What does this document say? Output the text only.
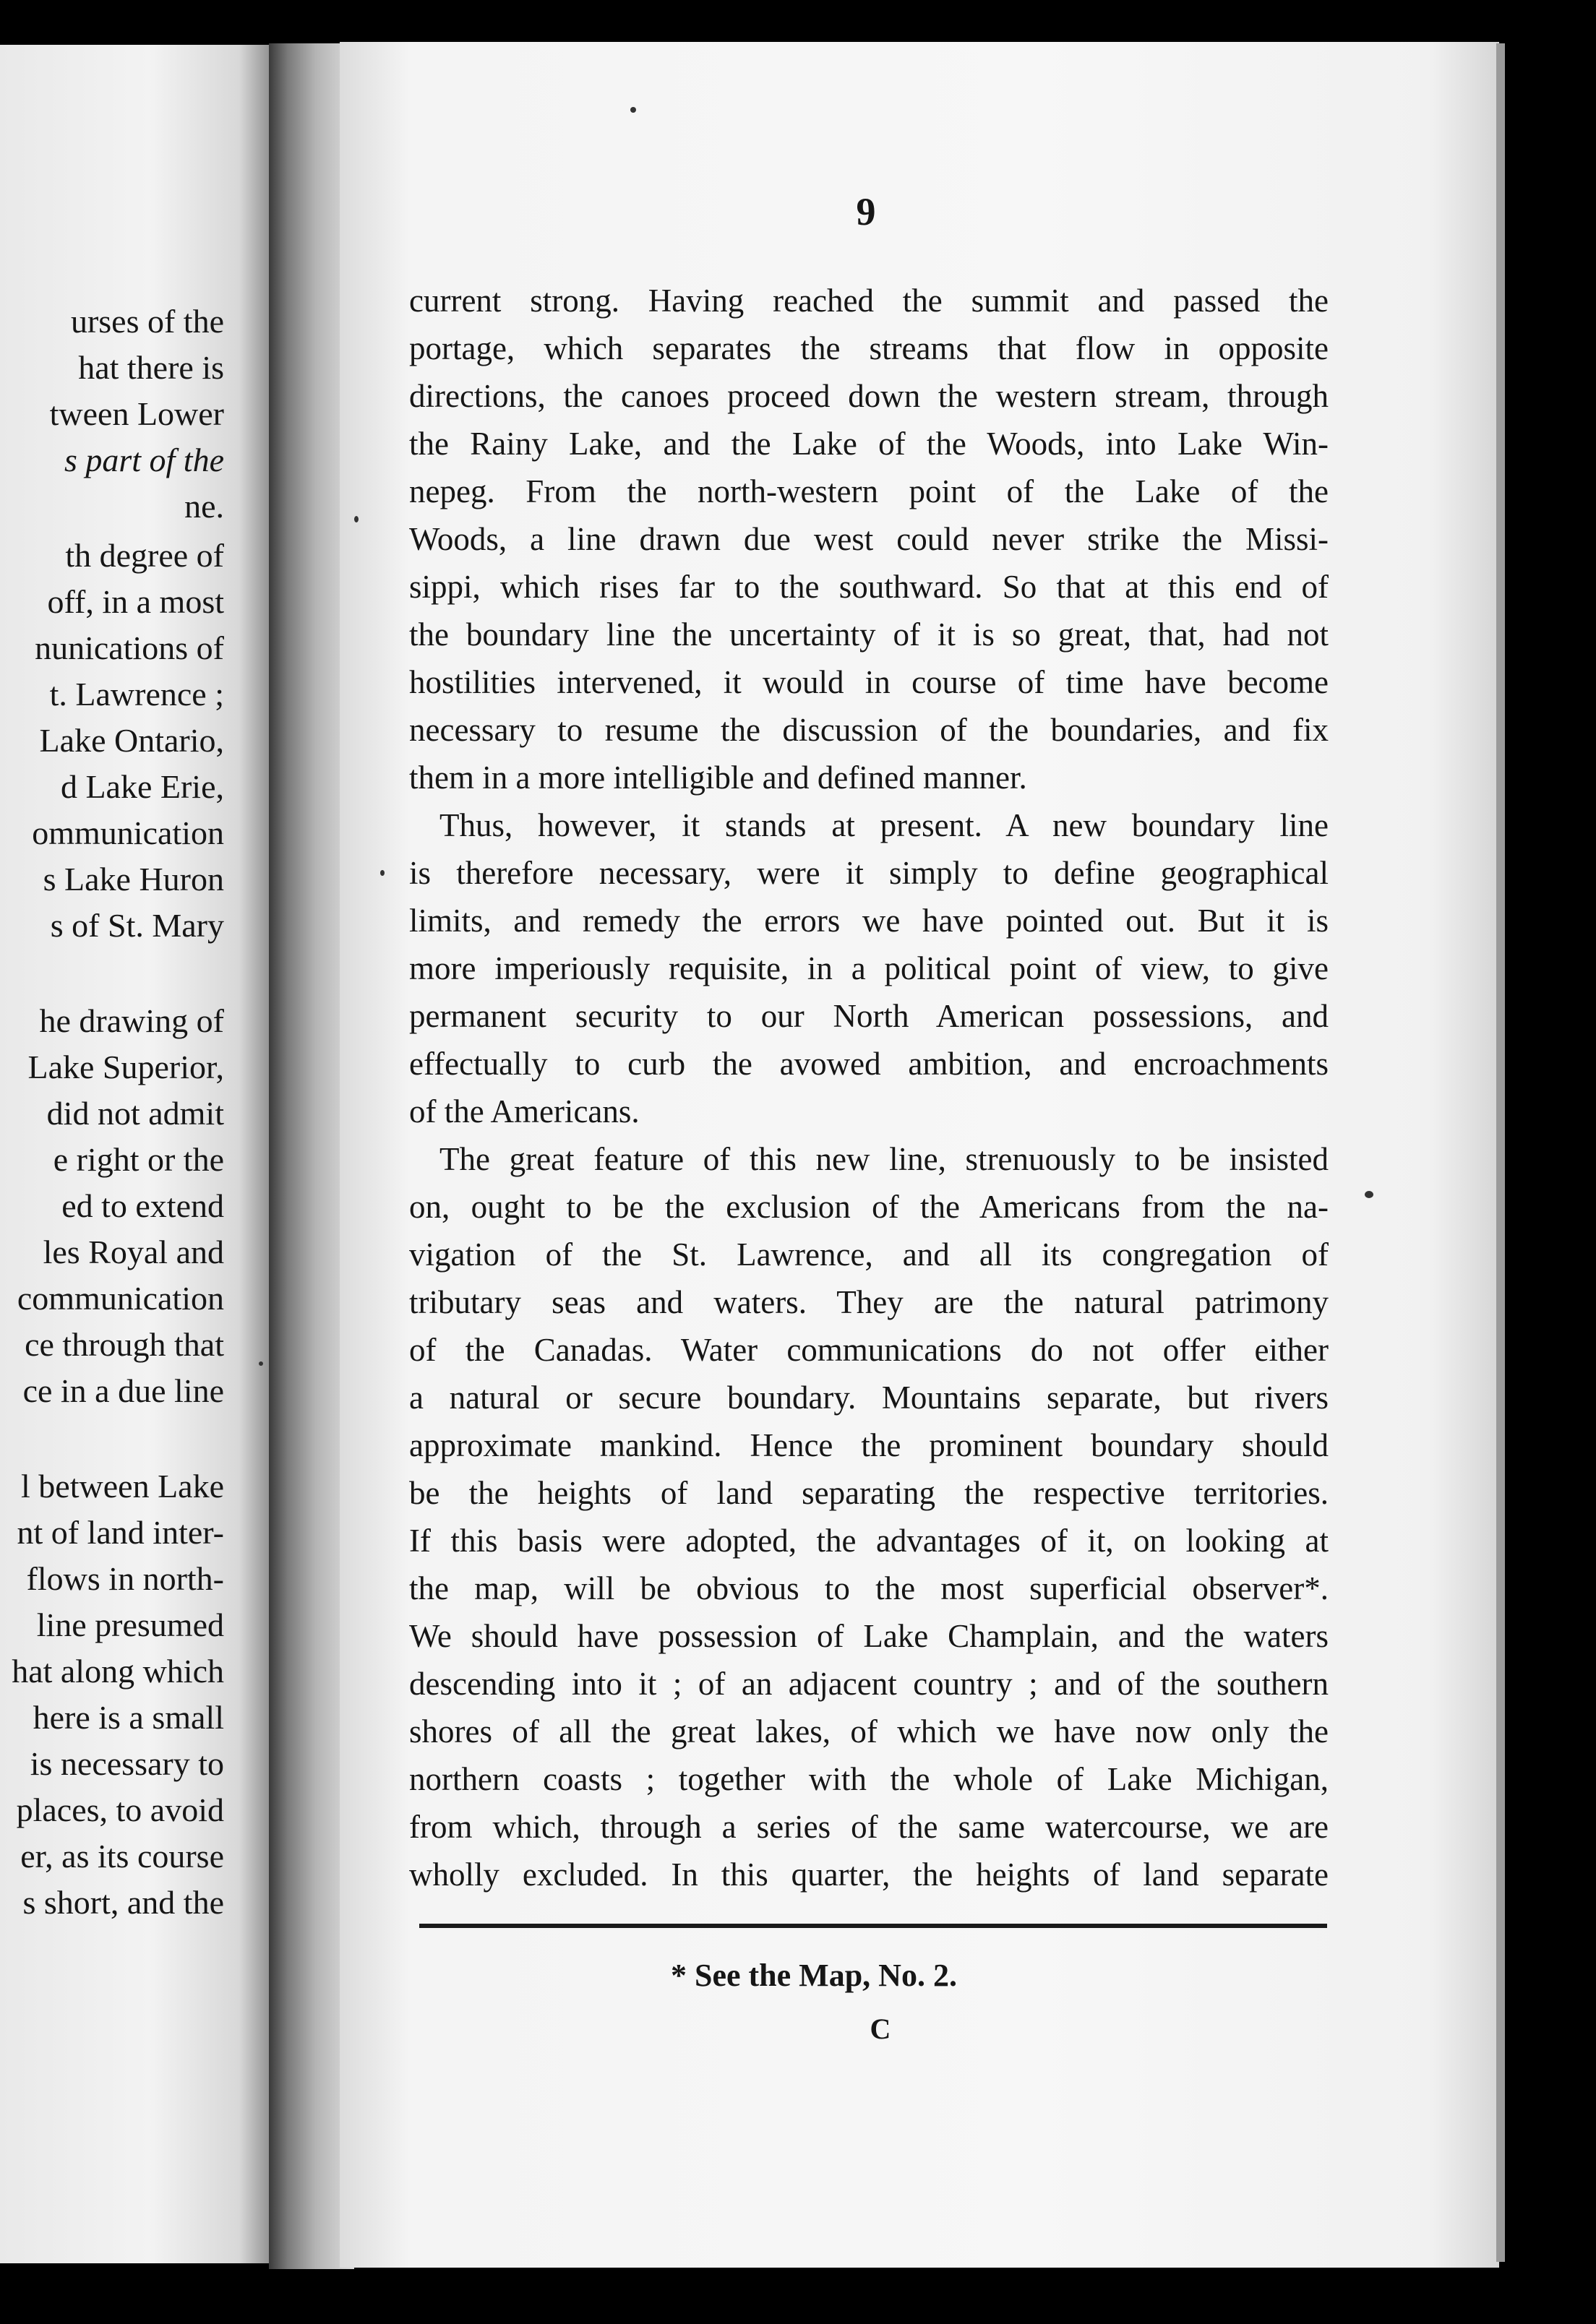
urses of the
hat there is
tween Lower
s part of the
ne.
th degree of
off, in a most
nunications of
t. Lawrence ;
Lake Ontario,
d Lake Erie,
ommunication
s Lake Huron
s of St. Mary
he drawing of
Lake Superior,
did not admit
e right or the
ed to extend
les Royal and
communication
ce through that
ce in a due line
l between Lake
nt of land inter-
flows in north-
line presumed
hat along which
here is a small
is necessary to
places, to avoid
er, as its course
s short, and the
9
current strong. Having reached the summit and passed the
portage, which separates the streams that flow in opposite
directions, the canoes proceed down the western stream, through
the Rainy Lake, and the Lake of the Woods, into Lake Win-
nepeg. From the north-western point of the Lake of the
Woods, a line drawn due west could never strike the Missi-
sippi, which rises far to the southward. So that at this end of
the boundary line the uncertainty of it is so great, that, had not
hostilities intervened, it would in course of time have become
necessary to resume the discussion of the boundaries, and fix
them in a more intelligible and defined manner.
Thus, however, it stands at present. A new boundary line
is therefore necessary, were it simply to define geographical
limits, and remedy the errors we have pointed out. But it is
more imperiously requisite, in a political point of view, to give
permanent security to our North American possessions, and
effectually to curb the avowed ambition, and encroachments
of the Americans.
The great feature of this new line, strenuously to be insisted
on, ought to be the exclusion of the Americans from the na-
vigation of the St. Lawrence, and all its congregation of
tributary seas and waters. They are the natural patrimony
of the Canadas. Water communications do not offer either
a natural or secure boundary. Mountains separate, but rivers
approximate mankind. Hence the prominent boundary should
be the heights of land separating the respective territories.
If this basis were adopted, the advantages of it, on looking at
the map, will be obvious to the most superficial observer*.
We should have possession of Lake Champlain, and the waters
descending into it ; of an adjacent country ; and of the southern
shores of all the great lakes, of which we have now only the
northern coasts ; together with the whole of Lake Michigan,
from which, through a series of the same watercourse, we are
wholly excluded. In this quarter, the heights of land separate
* See the Map, No. 2.
C
